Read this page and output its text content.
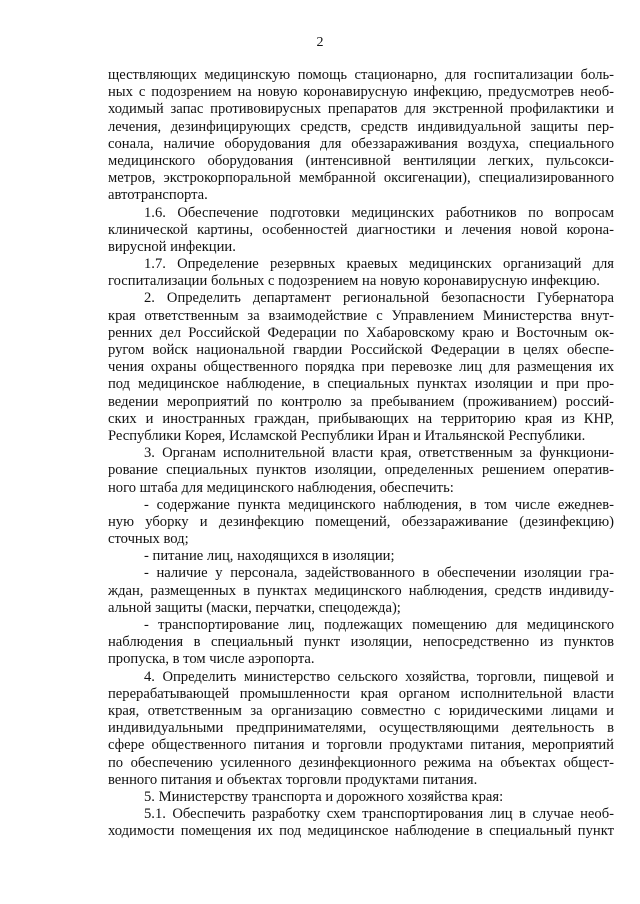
2
ществляющих медицинскую помощь стационарно, для госпитализации боль-
ных с подозрением на новую коронавирусную инфекцию, предусмотрев необ-
ходимый запас противовирусных препаратов для экстренной профилактики и
лечения, дезинфицирующих средств, средств индивидуальной защиты пер-
сонала, наличие оборудования для обеззараживания воздуха, специального
медицинского оборудования (интенсивной вентиляции легких, пульсокси-
метров, экстрокорпоральной мембранной оксигенации), специализированного
автотранспорта.
1.6. Обеспечение подготовки медицинских работников по вопросам
клинической картины, особенностей диагностики и лечения новой корона-
вирусной инфекции.
1.7. Определение резервных краевых медицинских организаций для
госпитализации больных с подозрением на новую коронавирусную инфекцию.
2. Определить департамент региональной безопасности Губернатора
края ответственным за взаимодействие с Управлением Министерства внут-
ренних дел Российской Федерации по Хабаровскому краю и Восточным ок-
ругом войск национальной гвардии Российской Федерации в целях обеспе-
чения охраны общественного порядка при перевозке лиц для размещения их
под медицинское наблюдение, в специальных пунктах изоляции и при про-
ведении мероприятий по контролю за пребыванием (проживанием) россий-
ских и иностранных граждан, прибывающих на территорию края из КНР,
Республики Корея, Исламской Республики Иран и Итальянской Республики.
3. Органам исполнительной власти края, ответственным за функциони-
рование специальных пунктов изоляции, определенных решением оператив-
ного штаба для медицинского наблюдения, обеспечить:
- содержание пункта медицинского наблюдения, в том числе ежеднев-
ную уборку и дезинфекцию помещений, обеззараживание (дезинфекцию)
сточных вод;
- питание лиц, находящихся в изоляции;
- наличие у персонала, задействованного в обеспечении изоляции гра-
ждан, размещенных в пунктах медицинского наблюдения, средств индивиду-
альной защиты (маски, перчатки, спецодежда);
- транспортирование лиц, подлежащих помещению для медицинского
наблюдения в специальный пункт изоляции, непосредственно из пунктов
пропуска, в том числе аэропорта.
4. Определить министерство сельского хозяйства, торговли, пищевой и
перерабатывающей промышленности края органом исполнительной власти
края, ответственным за организацию совместно с юридическими лицами и
индивидуальными предпринимателями, осуществляющими деятельность в
сфере общественного питания и торговли продуктами питания, мероприятий
по обеспечению усиленного дезинфекционного режима на объектах общест-
венного питания и объектах торговли продуктами питания.
5. Министерству транспорта и дорожного хозяйства края:
5.1. Обеспечить разработку схем транспортирования лиц в случае необ-
ходимости помещения их под медицинское наблюдение в специальный пункт
